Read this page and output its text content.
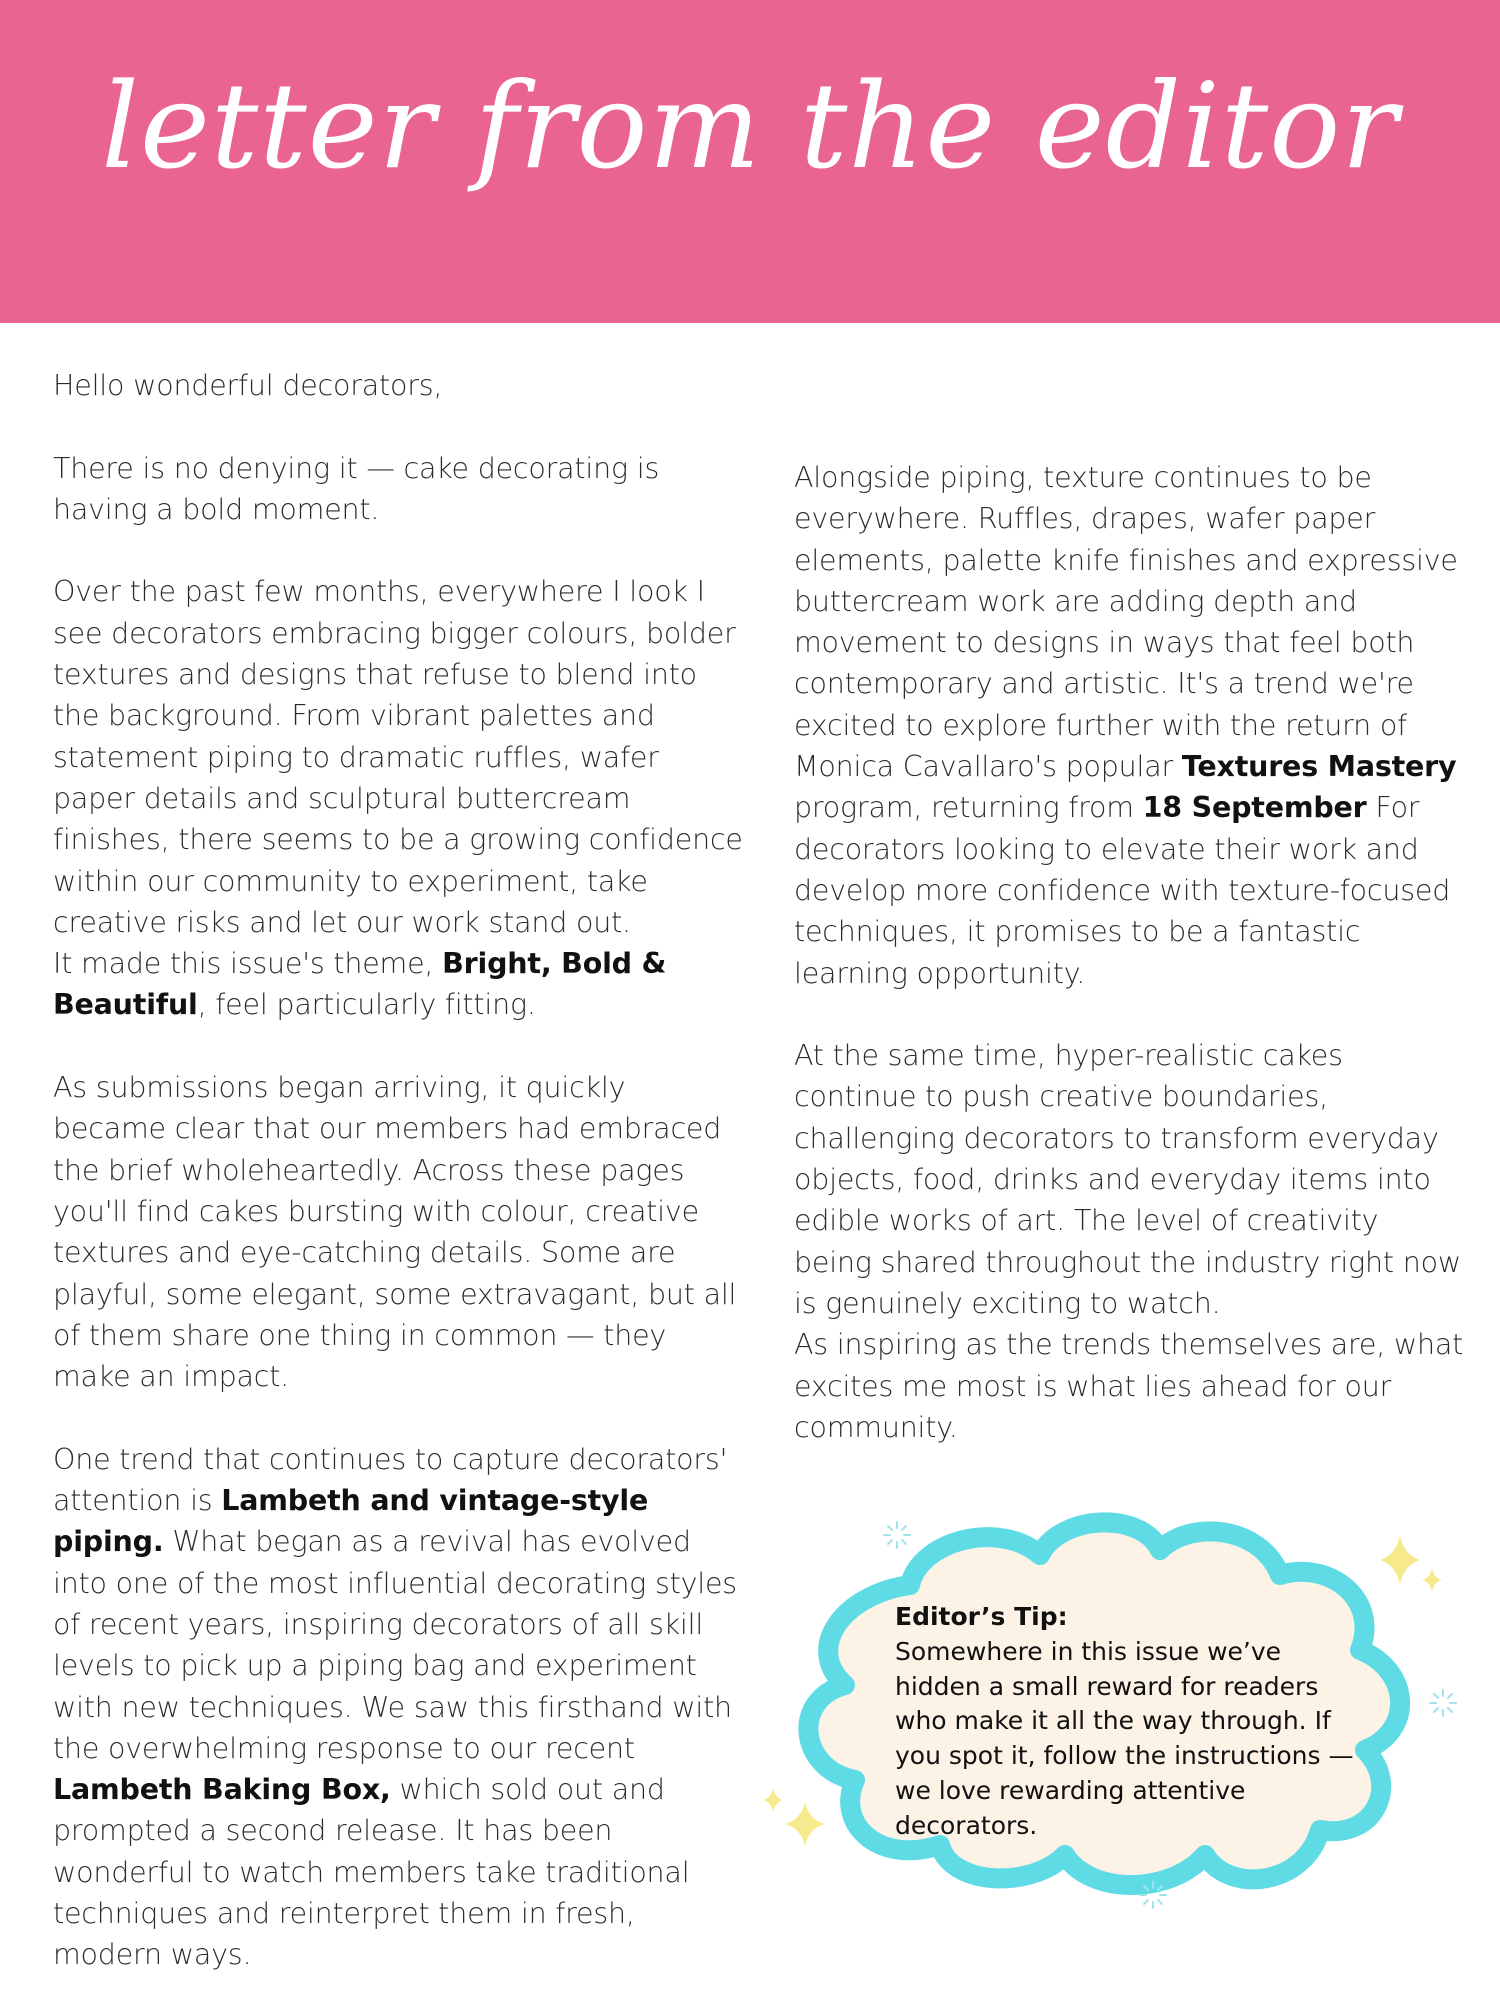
letter from the editor

Hello wonderful decorators,

There is no denying it — cake decorating is having a bold moment.

Over the past few months, everywhere I look I see decorators embracing bigger colours, bolder textures and designs that refuse to blend into the background. From vibrant palettes and statement piping to dramatic ruffles, wafer paper details and sculptural buttercream finishes, there seems to be a growing confidence within our community to experiment, take creative risks and let our work stand out.

It made this issue's theme, Bright, Bold & Beautiful, feel particularly fitting.

As submissions began arriving, it quickly became clear that our members had embraced the brief wholeheartedly. Across these pages you'll find cakes bursting with colour, creative textures and eye-catching details. Some are playful, some elegant, some extravagant, but all of them share one thing in common — they make an impact.

One trend that continues to capture decorators' attention is Lambeth and vintage-style piping. What began as a revival has evolved into one of the most influential decorating styles of recent years, inspiring decorators of all skill levels to pick up a piping bag and experiment with new techniques. We saw this firsthand with the overwhelming response to our recent Lambeth Baking Box, which sold out and prompted a second release. It has been wonderful to watch members take traditional techniques and reinterpret them in fresh, modern ways.

Alongside piping, texture continues to be everywhere. Ruffles, drapes, wafer paper elements, palette knife finishes and expressive buttercream work are adding depth and movement to designs in ways that feel both contemporary and artistic. It's a trend we're excited to explore further with the return of Monica Cavallaro's popular Textures Mastery program, returning from 18 September For decorators looking to elevate their work and develop more confidence with texture-focused techniques, it promises to be a fantastic learning opportunity.

At the same time, hyper-realistic cakes continue to push creative boundaries, challenging decorators to transform everyday objects, food, drinks and everyday items into edible works of art. The level of creativity being shared throughout the industry right now is genuinely exciting to watch.

As inspiring as the trends themselves are, what excites me most is what lies ahead for our community.

Editor’s Tip:
Somewhere in this issue we’ve hidden a small reward for readers who make it all the way through. If you spot it, follow the instructions — we love rewarding attentive decorators.
